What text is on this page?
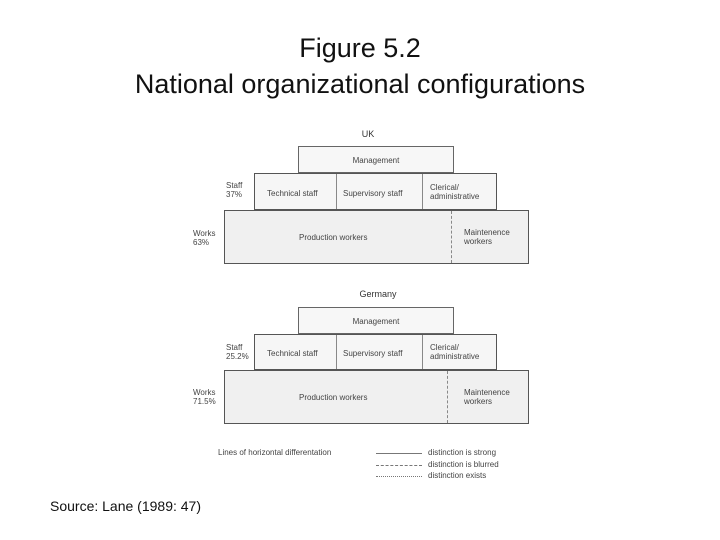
Figure 5.2
National organizational configurations
UK
Management
Technical staff	Supervisory staff
Clerical/
administrative
Staff
37%
Production workers
Maintenence
workers
Works
63%
Germany
Management
Technical staff	Supervisory staff
Clerical/
administrative
Staff
25.2%
Production workers
Maintenence
workers
Works
71.5%
Lines of horizontal differentation	distinction is strong
distinction is blurred
distinction exists
Source: Lane (1989: 47)
